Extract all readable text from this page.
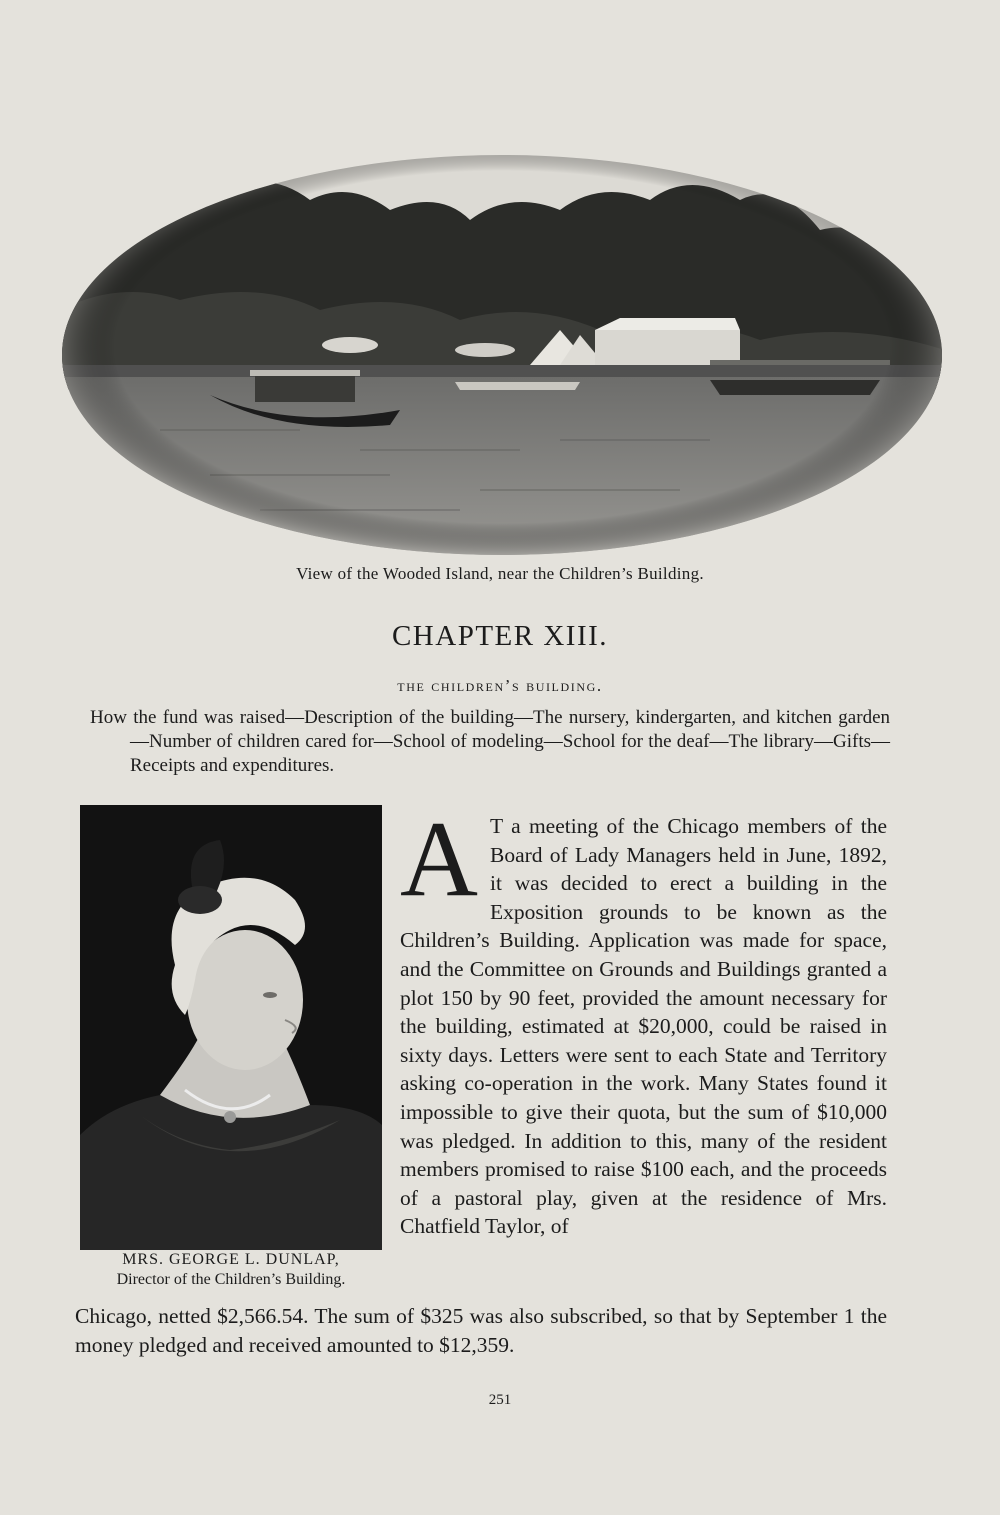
View of the Wooded Island, near the Children’s Building.
CHAPTER XIII.
the children’s building.
How the fund was raised—Description of the building—The nursery, kindergarten, and kitchen garden—Number of children cared for—School of modeling—School for the deaf—The library—Gifts—Receipts and expenditures.
MRS. GEORGE L. DUNLAP,
Director of the Children’s Building.
A T a meeting of the Chicago members of the Board of Lady Managers held in June, 1892, it was decided to erect a building in the Exposition grounds to be known as the Children’s Building. Application was made for space, and the Committee on Grounds and Buildings granted a plot 150 by 90 feet, provided the amount necessary for the building, estimated at $20,000, could be raised in sixty days. Letters were sent to each State and Territory asking co-operation in the work. Many States found it impossible to give their quota, but the sum of $10,000 was pledged. In addition to this, many of the resident members promised to raise $100 each, and the proceeds of a pastoral play, given at the residence of Mrs. Chatfield Taylor, of
Chicago, netted $2,566.54. The sum of $325 was also subscribed, so that by September 1 the money pledged and received amounted to $12,359.
251
